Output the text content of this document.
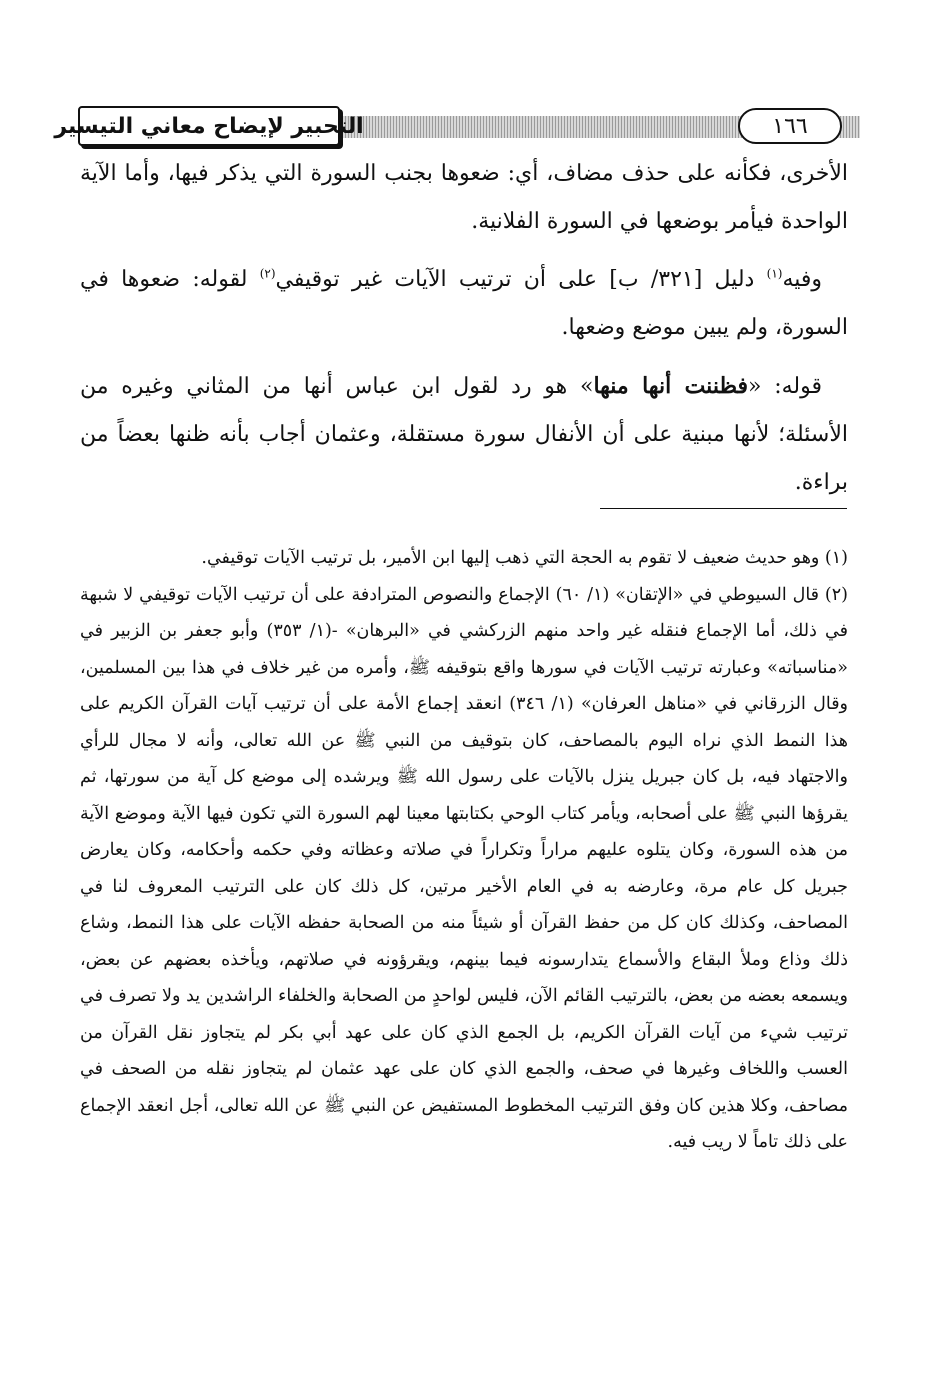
التحبير لإيضاح معاني التيسير	١٦٦

الأخرى، فكأنه على حذف مضاف، أي: ضعوها بجنب السورة التي يذكر فيها، وأما الآية الواحدة فيأمر بوضعها في السورة الفلانية.

وفيه$^{(١)}$ دليل [٣٢١/ ب] على أن ترتيب الآيات غير توقيفي$^{(٢)}$ لقوله: ضعوها في السورة، ولم يبين موضع وضعها.

قوله: «فظننت أنها منها» هو رد لقول ابن عباس أنها من المثاني وغيره من الأسئلة؛ لأنها مبنية على أن الأنفال سورة مستقلة، وعثمان أجاب بأنه ظنها بعضاً من براءة.

(١) وهو حديث ضعيف لا تقوم به الحجة التي ذهب إليها ابن الأمير، بل ترتيب الآيات توقيفي.

(٢) قال السيوطي في «الإتقان» (١/ ٦٠) الإجماع والنصوص المترادفة على أن ترتيب الآيات توقيفي لا شبهة في ذلك، أما الإجماع فنقله غير واحد منهم الزركشي في «البرهان» -(١/ ٣٥٣) وأبو جعفر بن الزبير في «مناسباته» وعبارته ترتيب الآيات في سورها واقع بتوقيفه ﷺ، وأمره من غير خلاف في هذا بين المسلمين، وقال الزرقاني في «مناهل العرفان» (١/ ٣٤٦) انعقد إجماع الأمة على أن ترتيب آيات القرآن الكريم على هذا النمط الذي نراه اليوم بالمصاحف، كان بتوقيف من النبي ﷺ عن الله تعالى، وأنه لا مجال للرأي والاجتهاد فيه، بل كان جبريل ينزل بالآيات على رسول الله ﷺ ويرشده إلى موضع كل آية من سورتها، ثم يقرؤها النبي ﷺ على أصحابه، ويأمر كتاب الوحي بكتابتها معينا لهم السورة التي تكون فيها الآية وموضع الآية من هذه السورة، وكان يتلوه عليهم مراراً وتكراراً في صلاته وعظاته وفي حكمه وأحكامه، وكان يعارض جبريل كل عام مرة، وعارضه به في العام الأخير مرتين، كل ذلك كان على الترتيب المعروف لنا في المصاحف، وكذلك كان كل من حفظ القرآن أو شيئاً منه من الصحابة حفظه الآيات على هذا النمط، وشاع ذلك وذاع وملأ البقاع والأسماع يتدارسونه فيما بينهم، ويقرؤونه في صلاتهم، ويأخذه بعضهم عن بعض، ويسمعه بعضه من بعض، بالترتيب القائم الآن، فليس لواحدٍ من الصحابة والخلفاء الراشدين يد ولا تصرف في ترتيب شيء من آيات القرآن الكريم، بل الجمع الذي كان على عهد أبي بكر لم يتجاوز نقل القرآن من العسب واللخاف وغيرها في صحف، والجمع الذي كان على عهد عثمان لم يتجاوز نقله من الصحف في مصاحف، وكلا هذين كان وفق الترتيب المخطوط المستفيض عن النبي ﷺ عن الله تعالى، أجل انعقد الإجماع على ذلك تاماً لا ريب فيه.
